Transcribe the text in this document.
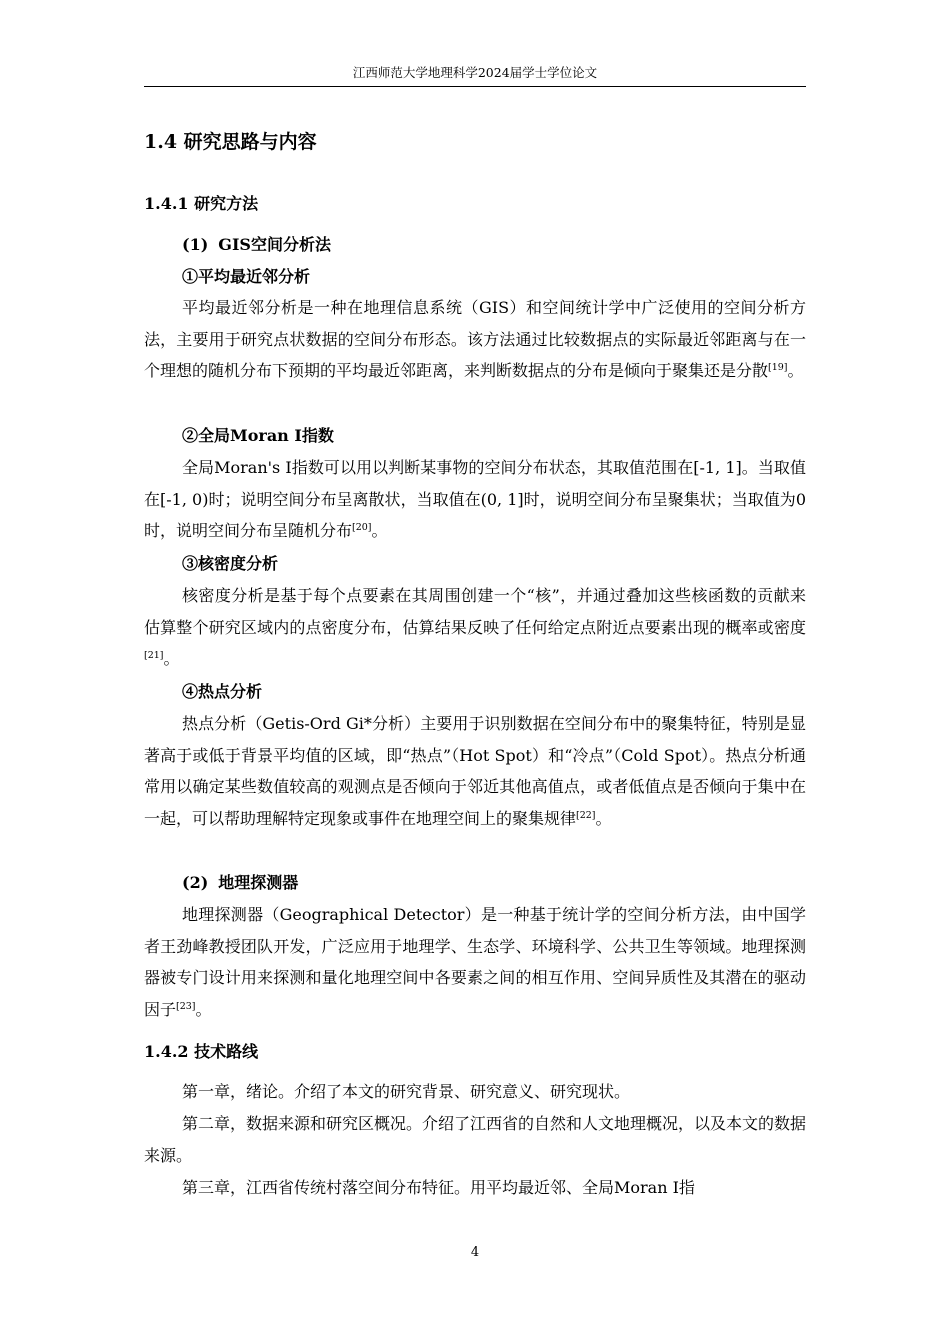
江西师范大学地理科学2024届学士学位论文
1.4 研究思路与内容
1.4.1 研究方法
(1) GIS空间分析法
①平均最近邻分析

平均最近邻分析是一种在地理信息系统（GIS）和空间统计学中广泛使用的空间分析方法，主要用于研究点状数据的空间分布形态。该方法通过比较数据点的实际最近邻距离与在一个理想的随机分布下预期的平均最近邻距离，来判断数据点的分布是倾向于聚集还是分散[19]。

②全局Moran I指数

全局Moran's I指数可以用以判断某事物的空间分布状态，其取值范围在[-1, 1]。当取值在[-1, 0)时；说明空间分布呈离散状，当取值在(0, 1]时，说明空间分布呈聚集状；当取值为0时，说明空间分布呈随机分布[20]。

③核密度分析

核密度分析是基于每个点要素在其周围创建一个“核”，并通过叠加这些核函数的贡献来估算整个研究区域内的点密度分布，估算结果反映了任何给定点附近点要素出现的概率或密度[21]。

④热点分析

热点分析（Getis-Ord Gi*分析）主要用于识别数据在空间分布中的聚集特征，特别是显著高于或低于背景平均值的区域，即“热点”（Hot Spot）和“冷点”（Cold Spot）。热点分析通常用以确定某些数值较高的观测点是否倾向于邻近其他高值点，或者低值点是否倾向于集中在一起，可以帮助理解特定现象或事件在地理空间上的聚集规律[22]。

(2) 地理探测器

地理探测器（Geographical Detector）是一种基于统计学的空间分析方法，由中国学者王劲峰教授团队开发，广泛应用于地理学、生态学、环境科学、公共卫生等领域。地理探测器被专门设计用来探测和量化地理空间中各要素之间的相互作用、空间异质性及其潜在的驱动因子[23]。

1.4.2 技术路线

第一章，绪论。介绍了本文的研究背景、研究意义、研究现状。

第二章，数据来源和研究区概况。介绍了江西省的自然和人文地理概况，以及本文的数据来源。

第三章，江西省传统村落空间分布特征。用平均最近邻、全局Moran I指

4
